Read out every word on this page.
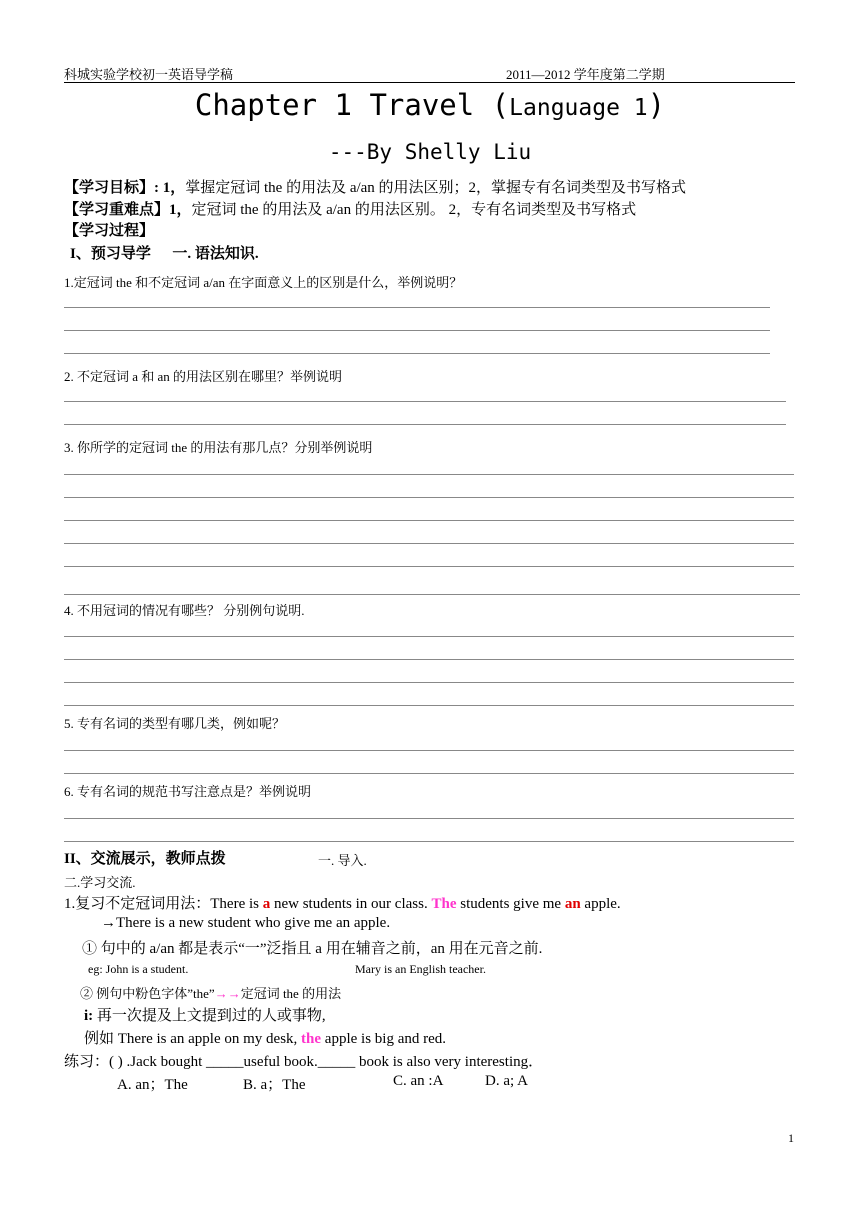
科城实验学校初一英语导学稿	2011—2012 学年度第二学期
Chapter 1 Travel (Language 1)
---By Shelly Liu
【学习目标】: 1，掌握定冠词 the 的用法及 a/an 的用法区别；2，掌握专有名词类型及书写格式
【学习重难点】1，定冠词 the 的用法及 a/an 的用法区别。 2，专有名词类型及书写格式
【学习过程】
I、预习导学 一. 语法知识.
1.定冠词 the 和不定冠词 a/an 在字面意义上的区别是什么，举例说明？
2. 不定冠词 a 和 an 的用法区别在哪里？举例说明
3. 你所学的定冠词 the 的用法有那几点？分别举例说明
4. 不用冠词的情况有哪些？ 分别例句说明.
5. 专有名词的类型有哪几类，例如呢？
6. 专有名词的规范书写注意点是？举例说明
II、交流展示，教师点拨	一. 导入.
二.学习交流.
1.复习不定冠词用法：There is a new students in our class. The students give me an apple.
→There is a new student who give me an apple.
① 句中的 a/an 都是表示“一”泛指且 a 用在辅音之前，an 用在元音之前.
eg: John is a student.	Mary is an English teacher.
② 例句中粉色字体”the”→→定冠词 the 的用法
i: 再一次提及上文提到过的人或事物,
例如 There is an apple on my desk, the apple is big and red.
练习：( ) .Jack bought _____useful book._____ book is also very interesting．
A. an；The	B. a；The	C. an :A	D. a; A
1
